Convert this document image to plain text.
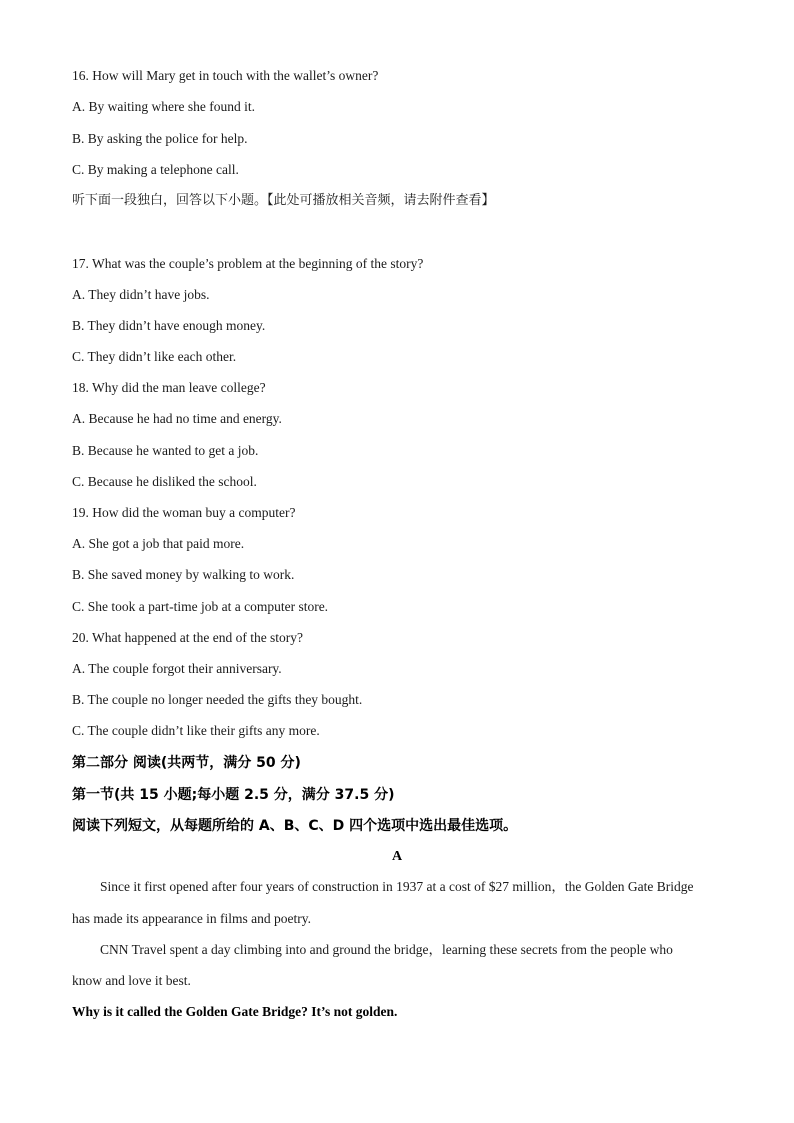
16. How will Mary get in touch with the wallet’s owner?
A. By waiting where she found it.
B. By asking the police for help.
C. By making a telephone call.
听下面一段独白，回答以下小题。【此处可播放相关音频，请去附件查看】
17. What was the couple’s problem at the beginning of the story?
A. They didn’t have jobs.
B. They didn’t have enough money.
C. They didn’t like each other.
18. Why did the man leave college?
A. Because he had no time and energy.
B. Because he wanted to get a job.
C. Because he disliked the school.
19. How did the woman buy a computer?
A. She got a job that paid more.
B. She saved money by walking to work.
C. She took a part-time job at a computer store.
20. What happened at the end of the story?
A. The couple forgot their anniversary.
B. The couple no longer needed the gifts they bought.
C. The couple didn’t like their gifts any more.
第二部分 阅读(共两节，满分 50 分)
第一节(共 15 小题;每小题 2.5 分，满分 37.5 分)
阅读下列短文，从每题所给的 A、B、C、D 四个选项中选出最佳选项。
A
Since it first opened after four years of construction in 1937 at a cost of $27 million，the Golden Gate Bridge
has made its appearance in films and poetry.
CNN Travel spent a day climbing into and ground the bridge，learning these secrets from the people who
know and love it best.
Why is it called the Golden Gate Bridge? It’s not golden.
